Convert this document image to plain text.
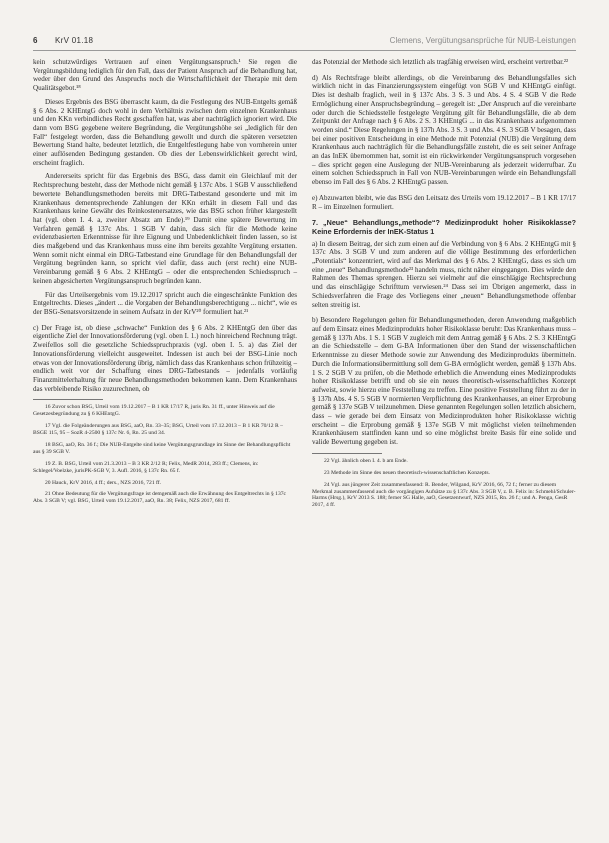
6 KrV 01.18	Clemens, Vergütungsansprüche für NUB-Leistungen

kein schutzwürdiges Vertrauen auf einen Vergütungsanspruch.¹ Sie regen die Vergütungsbildung lediglich für den Fall, dass der Patient Anspruch auf die Behandlung hat, weder über den Grund des Anspruchs noch die Wirtschaftlichkeit der Therapie mit dem Qualitätsgebot.¹⁸

Dieses Ergebnis des BSG überrascht kaum, da die Festlegung des NUB-Entgelts gemäß § 6 Abs. 2 KHEntgG doch wohl in dem Verhältnis zwischen dem einzelnen Krankenhaus und den KKn verbindliches Recht geschaffen hat, was aber nachträglich ignoriert wird. Die dann vom BSG gegebene weitere Begründung, die Vergütungshöhe sei „lediglich für den Fall“ festgelegt worden, dass die Behandlung gewollt und durch die späteren versetzten Bewertung Stand halte, bedeutet letztlich, die Entgeltfestlegung habe von vornherein unter einer auflösenden Bedingung gestanden. Ob dies der Lebenswirklichkeit gerecht wird, erscheint fraglich.

Andererseits spricht für das Ergebnis des BSG, dass damit ein Gleichlauf mit der Rechtsprechung besteht, dass der Methode nicht gemäß § 137c Abs. 1 SGB V ausschließend bewertete Behandlungsmethoden bereits mit DRG-Tatbestand gesonderte und mit im Krankenhaus dementsprechende Zahlungen der KKn erhält in diesem Fall und das Krankenhaus keine Gewähr des Reinkostenersatzes, wie das BSG schon früher klargestellt hat (vgl. oben I. 4. a, zweiter Absatz am Ende).¹⁹ Damit eine spätere Bewertung im Verfahren gemäß § 137c Abs. 1 SGB V dahin, dass sich für die Methode keine evidenzbasierten Erkenntnisse für ihre Eignung und Unbedenklichkeit finden lassen, so ist dies maßgebend und das Krankenhaus muss eine ihm bereits gezahlte Vergütung erstatten. Wenn somit nicht einmal ein DRG-Tatbestand eine Grundlage für den Behandlungsfall der Vergütung begründen kann, so spricht viel dafür, dass auch (erst recht) eine NUB-Vereinbarung gemäß § 6 Abs. 2 KHEntgG – oder die entsprechenden Schiedsspruch – keinen abgesicherten Vergütungsanspruch begründen kann.

Für das Urteilsergebnis vom 19.12.2017 spricht auch die eingeschränkte Funktion des Entgeltrechts. Dieses „ändert ... die Vorgaben der Behandlungsberechtigung ... nicht“, wie es der BSG-Senatsvorsitzende in seinem Aufsatz in der KrV²⁰ formuliert hat.²¹

c) Der Frage ist, ob diese „schwache“ Funktion des § 6 Abs. 2 KHEntgG den über das eigentliche Ziel der Innovationsförderung (vgl. oben I. 1.) noch hinreichend Rechnung trägt. Zweifellos soll die gesetzliche Schiedsspruchpraxis (vgl. oben I. 5. a) das Ziel der Innovationsförderung vielleicht ausgeweitet. Indessen ist auch bei der BSG-Linie noch etwas von der Innovationsförderung übrig, nämlich dass das Krankenhaus schon frühzeitig – endlich weit vor der Schaffung eines DRG-Tatbestands – jedenfalls vorläufig Finanzmittelerhaltung für neue Behandlungsmethoden bekommen kann. Dem Krankenhaus das verbleibende Risiko zuzurechnen, ob

16 Zuvor schon BSG, Urteil vom 19.12.2017 – B 1 KR 17/17 R, juris Rn. 31 ff., unter Hinweis auf die Gesetzesbegründung zu § 6 KHEntgG.

17 Vgl. die Folgeänderungen aus BSG, aaO, Rn. 33–35; BSG, Urteil vom 17.12.2013 – B 1 KR 70/12 R – BSGE 115, 95 – SozR 4-2500 § 137c Nr. 6, Rn. 25 und 34.

18 BSG, aaO, Rn. 36 f.; Die NUB-Entgelte sind keine Vergütungsgrundlage im Sinne der Behandlungspflicht aus § 39 SGB V.

19 Z. B. BSG, Urteil vom 21.3.2013 – B 3 KR 2/12 R; Felix, MedR 2014, 283 ff.; Clemens, in: Schlegel/Voelzke, jurisPK-SGB V, 3. Aufl. 2016, § 137c Rn. 65 f.

20 Hauck, KrV 2016, 4 ff.; ders., NZS 2016, 721 ff.

21 Ohne Bedeutung für die Vergütungsfrage ist demgemäß auch die Erwähnung des Entgeltrechts in § 137c Abs. 3 SGB V; vgl. BSG, Urteil vom 19.12.2017, aaO, Rn. 38; Felix, NZS 2017, 681 ff.

das Potenzial der Methode sich letztlich als tragfähig erweisen wird, erscheint vertretbar.²²

d) Als Rechtsfrage bleibt allerdings, ob die Vereinbarung des Behandlungsfalles sich wirklich nicht in das Finanzierungssystem eingefügt von SGB V und KHEntgG einfügt. Dies ist deshalb fraglich, weil in § 137c Abs. 3 S. 3 und Abs. 4 S. 4 SGB V die Rede Ermöglichung einer Anspruchsbegründung – geregelt ist: „Der Anspruch auf die vereinbarte oder durch die Schiedsstelle festgelegte Vergütung gilt für Behandlungsfälle, die ab dem Zeitpunkt der Anfrage nach § 6 Abs. 2 S. 3 KHEntgG ... in das Krankenhaus aufgenommen worden sind.“ Diese Regelungen in § 137h Abs. 3 S. 3 und Abs. 4 S. 3 SGB V besagen, dass bei einer positiven Entscheidung in eine Methode mit Potenzial (NUB) die Vergütung dem Krankenhaus auch nachträglich für die Behandlungsfälle zusteht, die es seit seiner Anfrage an das InEK übernommen hat, somit ist ein rückwirkender Vergütungsanspruch vorgesehen – dies spricht gegen eine Auslegung der NUB-Vereinbarung als jederzeit widerrufbar. Zu einem solchen Schiedsspruch in Fall von NUB-Vereinbarungen würde ein Behandlungsfall ebenso im Fall des § 6 Abs. 2 KHEntgG passen.

e) Abzuwarten bleibt, wie das BSG den Leitsatz des Urteils vom 19.12.2017 – B 1 KR 17/17 R – im Einzelnen formuliert.

7. „Neue“ Behandlungs„methode“? Medizinprodukt hoher Risikoklasse? Keine Erfordernis der InEK-Status 1

a) In diesem Beitrag, der sich zum einen auf die Verbindung von § 6 Abs. 2 KHEntgG mit § 137c Abs. 3 SGB V und zum anderen auf die völlige Bestimmung des erforderlichen „Potentials“ konzentriert, wird auf das Merkmal des § 6 Abs. 2 KHEntgG, dass es sich um eine „neue“ Behandlungsmethode²³ handeln muss, nicht näher eingegangen. Dies würde den Rahmen des Themas sprengen. Hierzu sei vielmehr auf die einschlägige Rechtsprechung und das einschlägige Schrifttum verwiesen.²⁴ Dass sei im Übrigen angemerkt, dass in Schiedsverfahren die Frage des Vorliegens einer „neuen“ Behandlungsmethode offenbar selten streitig ist.

b) Besondere Regelungen gelten für Behandlungsmethoden, deren Anwendung maßgeblich auf dem Einsatz eines Medizinprodukts hoher Risikoklasse beruht: Das Krankenhaus muss – gemäß § 137h Abs. 1 S. 1 SGB V zugleich mit dem Antrag gemäß § 6 Abs. 2 S. 3 KHEntgG an die Schiedsstelle – dem G-BA Informationen über den Stand der wissenschaftlichen Erkenntnisse zu dieser Methode sowie zur Anwendung des Medizinprodukts übermitteln. Durch die Informationsübermittlung soll dem G-BA ermöglicht werden, gemäß § 137h Abs. 1 S. 2 SGB V zu prüfen, ob die Methode erheblich die Anwendung eines Medizinprodukts hoher Risikoklasse betrifft und ob sie ein neues theoretisch-wissenschaftliches Konzept aufweist, sowie hierzu eine Feststellung zu treffen. Eine positive Feststellung führt zu der in § 137h Abs. 4 S. 5 SGB V normierten Verpflichtung des Krankenhauses, an einer Erprobung gemäß § 137e SGB V teilzunehmen. Diese genannten Regelungen sollen letztlich absichern, dass – wie gerade bei dem Einsatz von Medizinprodukten hoher Risikoklasse wichtig erscheint – die Erprobung gemäß § 137e SGB V mit möglichst vielen teilnehmenden Krankenhäusern stattfinden kann und so eine möglichst breite Basis für eine solide und valide Bewertung gegeben ist.

22 Vgl. ähnlich oben I. 4. b am Ende.

23 Methode im Sinne des neuen theoretisch-wissenschaftlichen Konzepts.

24 Vgl. aus jüngerer Zeit zusammenfassend: R. Bender, Wilgand, KrV 2016, 66, 72 f.; ferner zu diesem Merkmal zusammenfassend auch die vorgängigen Aufsätze zu § 137c Abs. 3 SGB V, z. B. Felix in: Schmehl/Schuler-Harms (Hrsg.), KrV 2013 S. 188; ferner SG Halle, aaO, Gesetzentwurf, NZS 2015, Rn. 26 f.; und A. Penga, GesR 2017, 4 ff.
